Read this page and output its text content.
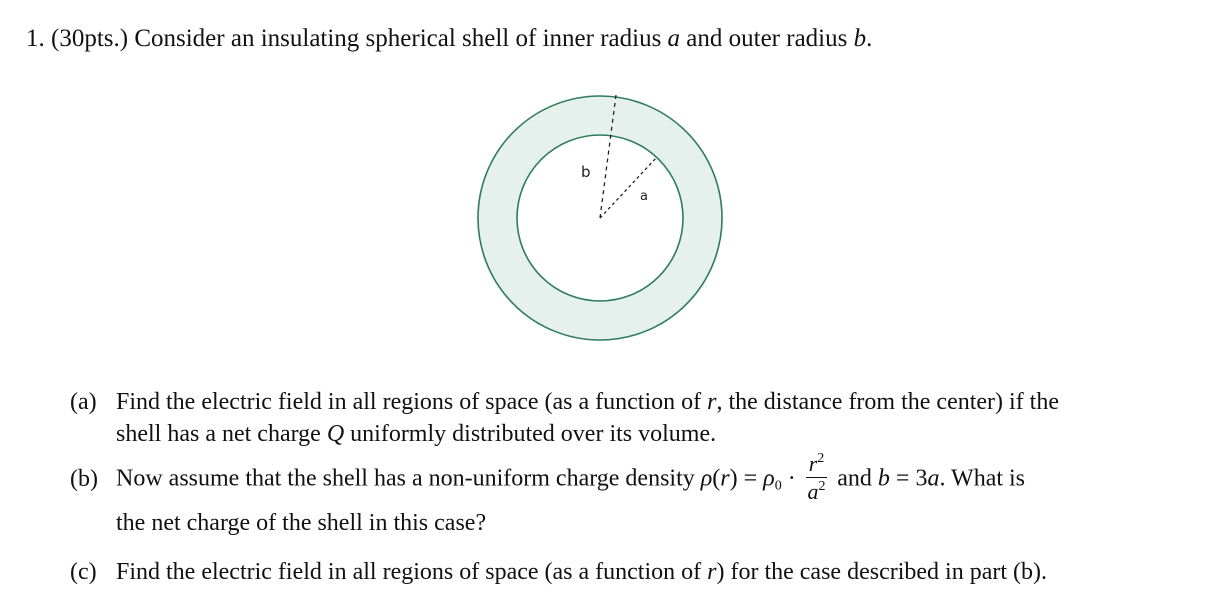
1. (30pts.) Consider an insulating spherical shell of inner radius a and outer radius b.
b
a
(a) Find the electric field in all regions of space (as a function of r, the distance from the center) if the
shell has a net charge Q uniformly distributed over its volume.
(b) Now assume that the shell has a non-uniform charge density $\rho(r) = \rho_0 \cdot \frac{r^2}{a^2}$ and b = 3a. What is
the net charge of the shell in this case?
(c) Find the electric field in all regions of space (as a function of r) for the case described in part (b).
